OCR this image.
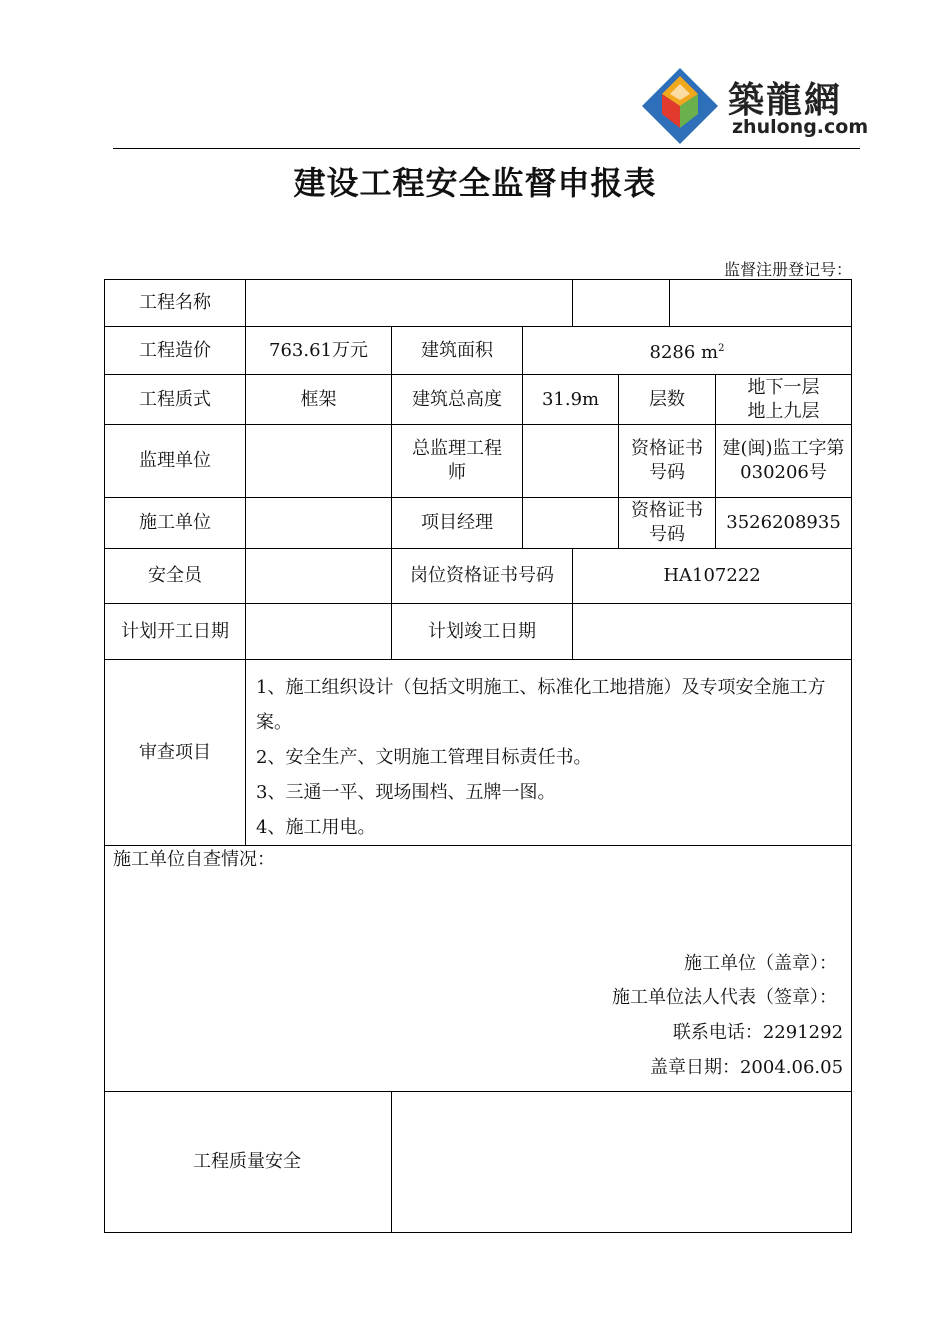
築龍網
zhulong.com
建设工程安全监督申报表
监督注册登记号：
工程名称							
工程造价	763.61万元	建筑面积	8286 $m^2$
工程质式	框架	建筑总高度	31.9m		层数		地下一层
地上九层

监理单位		总监理工程师			资格证书号码		建(闽)监工字第030206号
施工单位		项目经理			资格证书号码		3526208935
安全员		岗位资格证书号码		HA107222			
计划开工日期		计划竣工日期					
审查项目	1、施工组织设计（包括文明施工、标准化工地措施）及专项安全施工方案。
2、安全生产、文明施工管理目标责任书。
3、三通一平、现场围档、五牌一图。
4、施工用电。						

施工单位自查情况：
施工单位（盖章）：
施工单位法人代表（签章）：
联系电话：2291292
盖章日期：2004.06.05							

工程质量安全							
